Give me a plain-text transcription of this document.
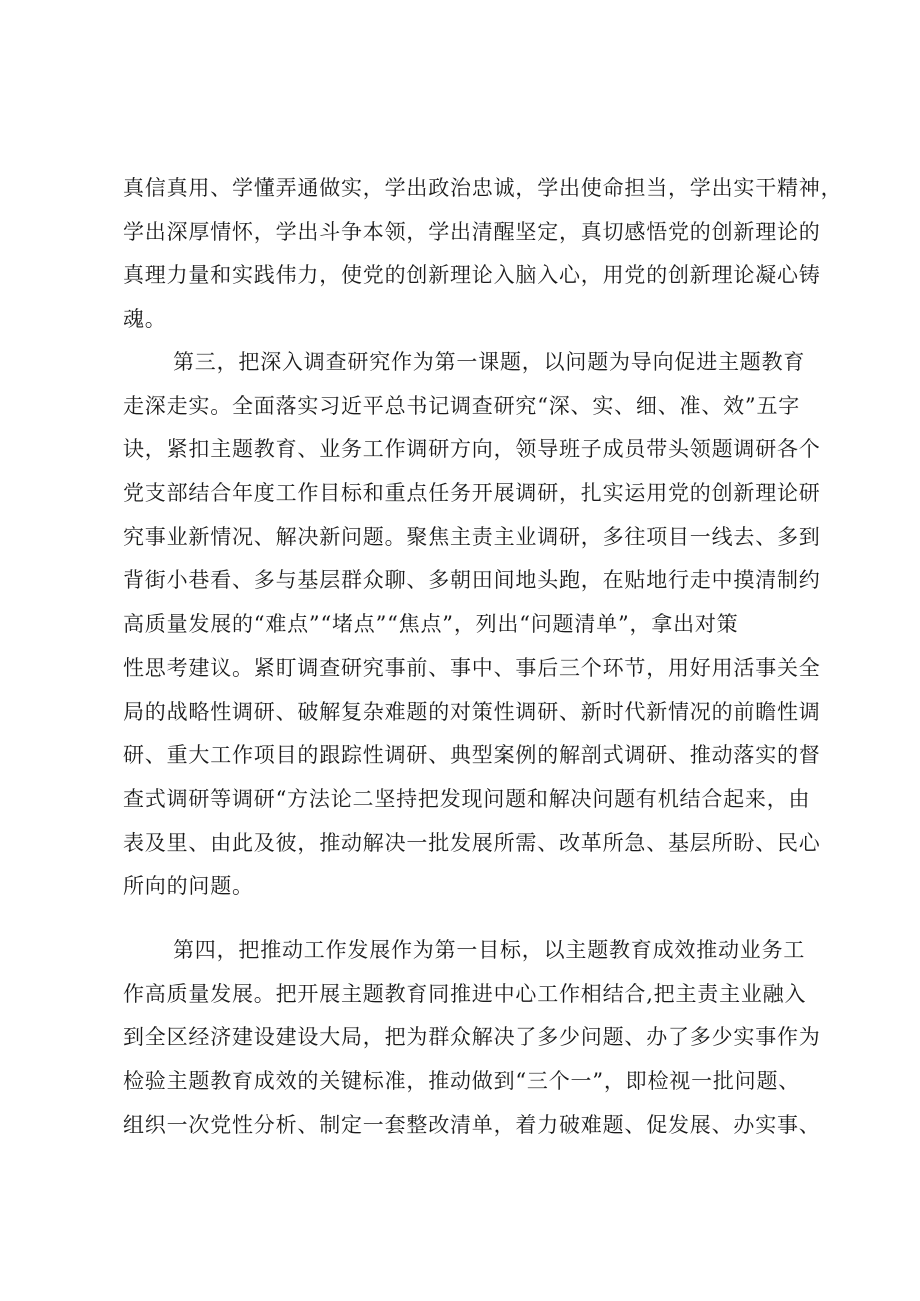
真信真用、学懂弄通做实，学出政治忠诚，学出使命担当，学出实干精神，
学出深厚情怀，学出斗争本领，学出清醒坚定，真切感悟党的创新理论的
真理力量和实践伟力，使党的创新理论入脑入心，用党的创新理论凝心铸
魂。
第三，把深入调查研究作为第一课题，以问题为导向促进主题教育
走深走实。全面落实习近平总书记调查研究“深、实、细、准、效”五字
诀，紧扣主题教育、业务工作调研方向，领导班子成员带头领题调研各个
党支部结合年度工作目标和重点任务开展调研，扎实运用党的创新理论研
究事业新情况、解决新问题。聚焦主责主业调研，多往项目一线去、多到
背街小巷看、多与基层群众聊、多朝田间地头跑，在贴地行走中摸清制约
高质量发展的“难点”“堵点”“焦点”，列出“问题清单”，拿出对策
性思考建议。紧盯调查研究事前、事中、事后三个环节，用好用活事关全
局的战略性调研、破解复杂难题的对策性调研、新时代新情况的前瞻性调
研、重大工作项目的跟踪性调研、典型案例的解剖式调研、推动落实的督
查式调研等调研“方法论二坚持把发现问题和解决问题有机结合起来，由
表及里、由此及彼，推动解决一批发展所需、改革所急、基层所盼、民心
所向的问题。
第四，把推动工作发展作为第一目标，以主题教育成效推动业务工
作高质量发展。把开展主题教育同推进中心工作相结合,把主责主业融入
到全区经济建设建设大局，把为群众解决了多少问题、办了多少实事作为
检验主题教育成效的关键标准，推动做到“三个一”，即检视一批问题、
组织一次党性分析、制定一套整改清单，着力破难题、促发展、办实事、
